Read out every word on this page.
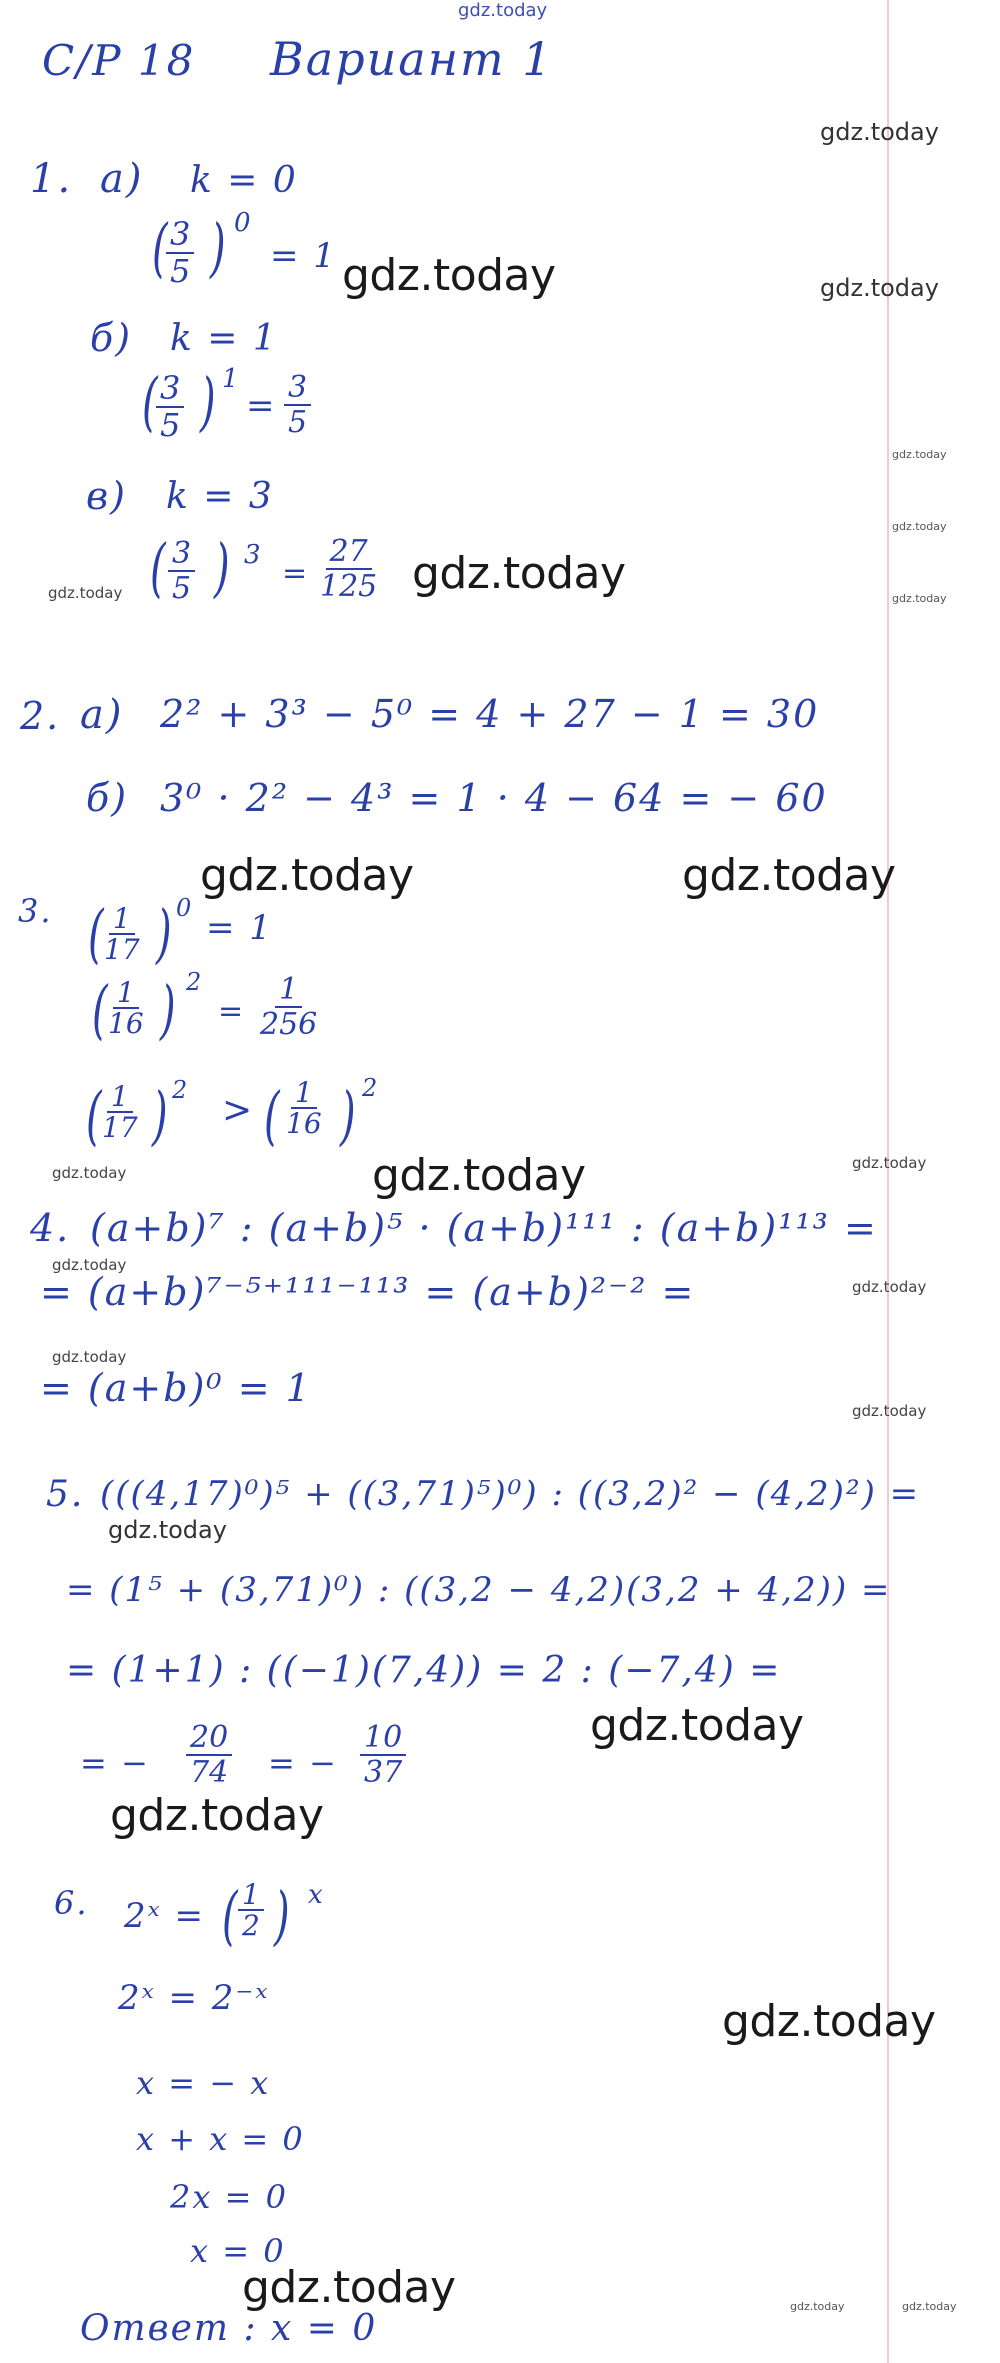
gdz.today
C/P 18 Вариант 1
1. а) k = 0
(
$\frac{3}{5}$ ) 0
= 1 gdz.today
gdz.today
gdz.today
б) k = 1
(
$\frac{3}{5}$ ) 1
= $\frac{3}{5}$
gdz.today
в) k = 3
gdz.today
( $\frac{3}{5}$ ) 3
= $\frac{27}{125}$
gdz.today	gdz.today	gdz.today
2. а) 2² + 3³ − 5⁰ = 4 + 27 − 1 = 30
б) 3⁰ · 2² − 4³ = 1 · 4 − 64 = − 60
gdz.today	gdz.today
3. (
$\frac{1}{17}$ ) 0 = 1
(
$\frac{1}{16}$ ) 2
= $\frac{1}{256}$
(
$\frac{1}{17}$ ) 2 > ( $\frac{1}{16}$ ) 2
gdz.today	gdz.today	gdz.today
4. (a+b)⁷ : (a+b)⁵ · (a+b)¹¹¹ : (a+b)¹¹³ =
gdz.today
= (a+b)⁷⁻⁵⁺¹¹¹⁻¹¹³ = (a+b)²⁻² =	gdz.today
gdz.today
= (a+b)⁰ = 1
gdz.today
5. (((4,17)⁰)⁵ + ((3,71)⁵)⁰) : ((3,2)² − (4,2)²) =
gdz.today
= (1⁵ + (3,71)⁰) : ((3,2 − 4,2)(3,2 + 4,2)) =
= (1+1) : ((−1)(7,4)) = 2 : (−7,4) =
gdz.today
= − $\frac{20}{74}$ = − $\frac{10}{37}$
gdz.today
6. 2ˣ = ( $\frac{1}{2}$ ) x
2ˣ = 2⁻ˣ	gdz.today
x = − x
x + x = 0
2x = 0
x = 0
gdz.today	gdz.today	gdz.today
Ответ : x = 0
